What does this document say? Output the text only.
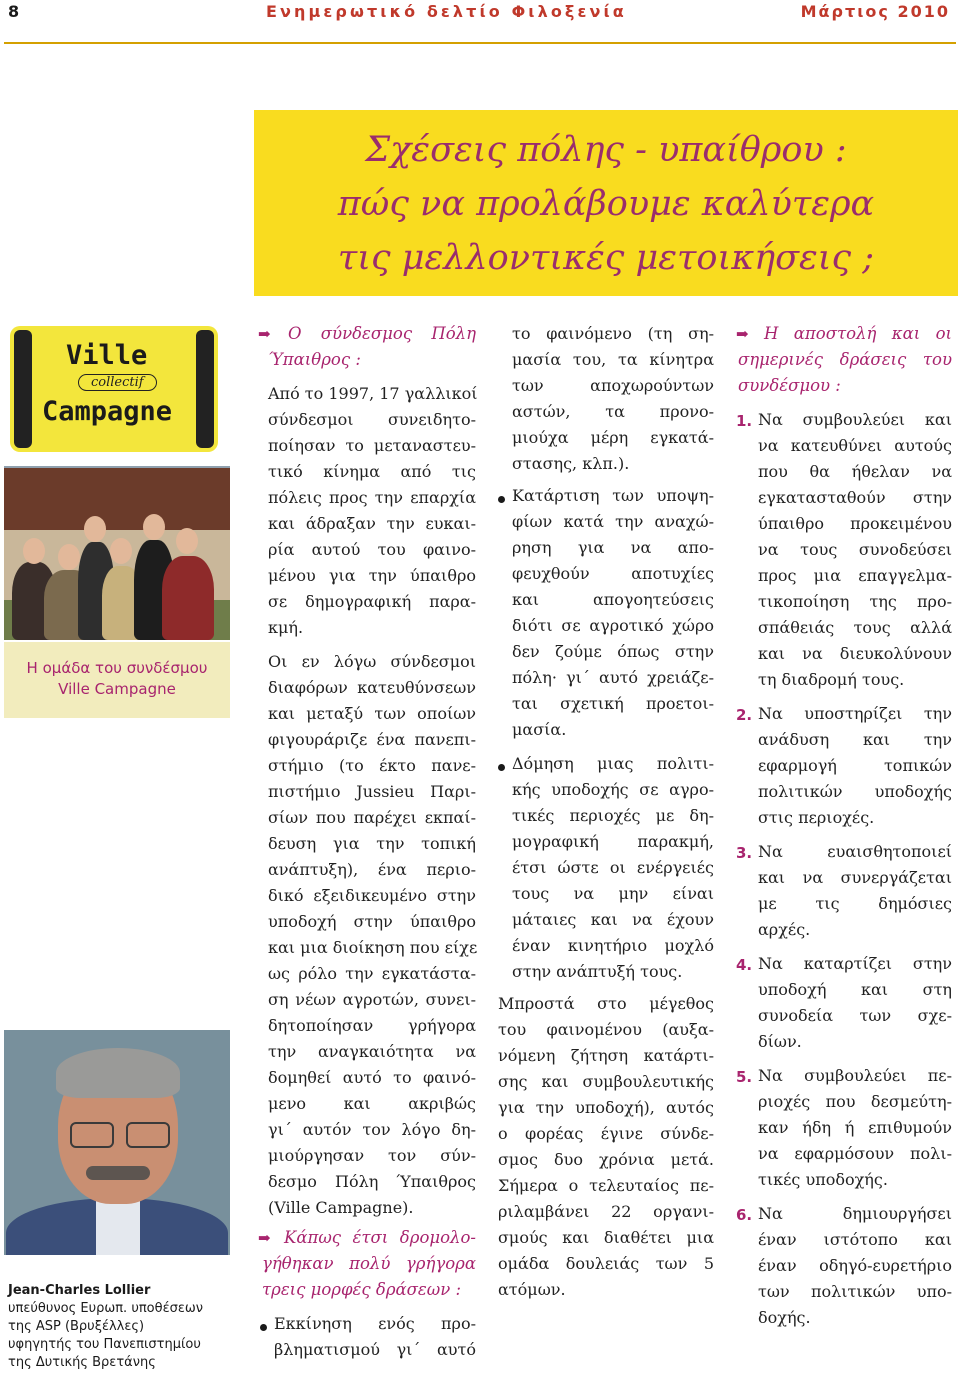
8	Ενημερωτικό δελτίο Φιλοξενία	Μάρτιος 2010
Σχέσεις πόλης - υπαίθρου :
πώς να προλάβουμε καλύτερα
τις μελλοντικές μετοικήσεις ;
Ville
collectif
Campagne
Η ομάδα του συνδέσμου
Ville Campagne
Jean-Charles Lollier
υπεύθυνος Ευρωπ. υποθέσεων
της ASP (Βρυξέλλες)
υφηγητής του Πανεπιστημίου
της Δυτικής Βρετάνης
➡ Ο σύνδεσμος Πόλη
Ύπαιθρος :
Από το 1997, 17 γαλλικοί
σύνδεσμοι συνειδητο-
ποίησαν το μεταναστευ-
τικό κίνημα από τις
πόλεις προς την επαρχία
και άδραξαν την ευκαι-
ρία αυτού του φαινο-
μένου για την ύπαιθρο
σε δημογραφική παρα-
κμή.
Οι εν λόγω σύνδεσμοι
διαφόρων κατευθύνσεων
και μεταξύ των οποίων
φιγουράριζε ένα πανεπι-
στήμιο (το έκτο πανε-
πιστήμιο Jussieu Παρι-
σίων που παρέχει εκπαί-
δευση για την τοπική
ανάπτυξη), ένα περιο-
δικό εξειδικευμένο στην
υποδοχή στην ύπαιθρο
και μια διοίκηση που είχε
ως ρόλο την εγκατάστα-
ση νέων αγροτών, συνει-
δητοποίησαν γρήγορα
την αναγκαιότητα να
δομηθεί αυτό το φαινό-
μενο και ακριβώς
γι΄ αυτόν τον λόγο δη-
μιούργησαν τον σύν-
δεσμο Πόλη Ύπαιθρος
(Ville Campagne).
➡ Κάπως έτσι δρομολο-
γήθηκαν πολύ γρήγορα
τρεις μορφές δράσεων :
Εκκίνηση ενός προ-
βληματισμού γι΄ αυτό
το φαινόμενο (τη ση-
μασία του, τα κίνητρα
των αποχωρούντων
αστών, τα προνο-
μιούχα μέρη εγκατά-
στασης, κλπ.).
Κατάρτιση των υποψη-
φίων κατά την αναχώ-
ρηση για να απο-
φευχθούν αποτυχίες
και απογοητεύσεις
διότι σε αγροτικό χώρο
δεν ζούμε όπως στην
πόλη· γι΄ αυτό χρειάζε-
ται σχετική προετοι-
μασία.
Δόμηση μιας πολιτι-
κής υποδοχής σε αγρο-
τικές περιοχές με δη-
μογραφική παρακμή,
έτσι ώστε οι ενέργειές
τους να μην είναι
μάταιες και να έχουν
έναν κινητήριο μοχλό
στην ανάπτυξή τους.
Μπροστά στο μέγεθος
του φαινομένου (αυξα-
νόμενη ζήτηση κατάρτι-
σης και συμβουλευτικής
για την υποδοχή), αυτός
ο φορέας έγινε σύνδε-
σμος δυο χρόνια μετά.
Σήμερα ο τελευταίος πε-
ριλαμβάνει 22 οργανι-
σμούς και διαθέτει μια
ομάδα δουλειάς των 5
ατόμων.
➡ Η αποστολή και οι
σημερινές δράσεις του
συνδέσμου :
1. Να συμβουλεύει και
να κατευθύνει αυτούς
που θα ήθελαν να
εγκατασταθούν στην
ύπαιθρο προκειμένου
να τους συνοδεύσει
προς μια επαγγελμα-
τικοποίηση της προ-
σπάθειάς τους αλλά
και να διευκολύνουν
τη διαδρομή τους.
2. Να υποστηρίζει την
ανάδυση και την
εφαρμογή τοπικών
πολιτικών υποδοχής
στις περιοχές.
3. Να ευαισθητοποιεί
και να συνεργάζεται
με τις δημόσιες
αρχές.
4. Να καταρτίζει στην
υποδοχή και στη
συνοδεία των σχε-
δίων.
5. Να συμβουλεύει πε-
ριοχές που δεσμεύτη-
καν ήδη ή επιθυμούν
να εφαρμόσουν πολι-
τικές υποδοχής.
6. Να δημιουργήσει
έναν ιστότοπο και
έναν οδηγό-ευρετήριο
των πολιτικών υπο-
δοχής.
